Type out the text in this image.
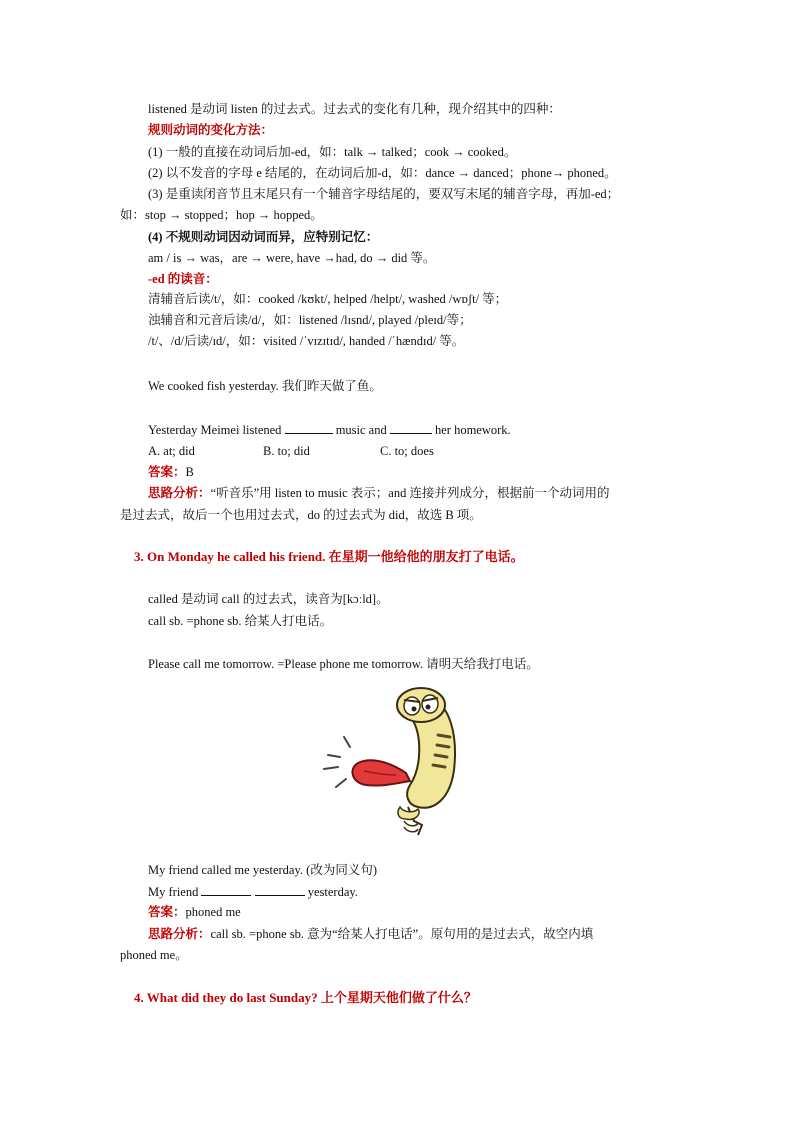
listened 是动词 listen 的过去式。过去式的变化有几种，现介绍其中的四种：
规则动词的变化方法：
(1) 一般的直接在动词后加-ed，如：talk → talked；cook → cooked。
(2) 以不发音的字母 e 结尾的，在动词后加-d，如：dance → danced；phone→ phoned。
(3) 是重读闭音节且末尾只有一个辅音字母结尾的，要双写末尾的辅音字母，再加-ed；
如：stop → stopped；hop → hopped。
(4) 不规则动词因动词而异，应特别记忆：
am / is → was，are → were, have →had, do → did 等。
-ed 的读音：
清辅音后读/t/，如：cooked /kʊkt/, helped /helpt/, washed /wɒʃt/ 等；
浊辅音和元音后读/d/，如：listened /lɪsnd/, played /pleɪd/等；
/t/、/d/后读/ɪd/，如：visited /ˈvɪzɪtɪd/, handed /ˈhændɪd/ 等。
We cooked fish yesterday. 我们昨天做了鱼。
Yesterday Meimei listened	music and	her homework.
A. at; did	B. to; did	C. to; does
答案：B
思路分析：“听音乐”用 listen to music 表示；and 连接并列成分，根据前一个动词用的
是过去式，故后一个也用过去式，do 的过去式为 did，故选 B 项。
3. On Monday he called his friend. 在星期一他给他的朋友打了电话。
called 是动词 call 的过去式，读音为[kɔːld]。
call sb. =phone sb. 给某人打电话。
Please call me tomorrow. =Please phone me tomorrow. 请明天给我打电话。
My friend called me yesterday. (改为同义句)
My friend	yesterday.
答案：phoned me
思路分析：call sb. =phone sb. 意为“给某人打电话”。原句用的是过去式，故空内填
phoned me。
4. What did they do last Sunday? 上个星期天他们做了什么？
